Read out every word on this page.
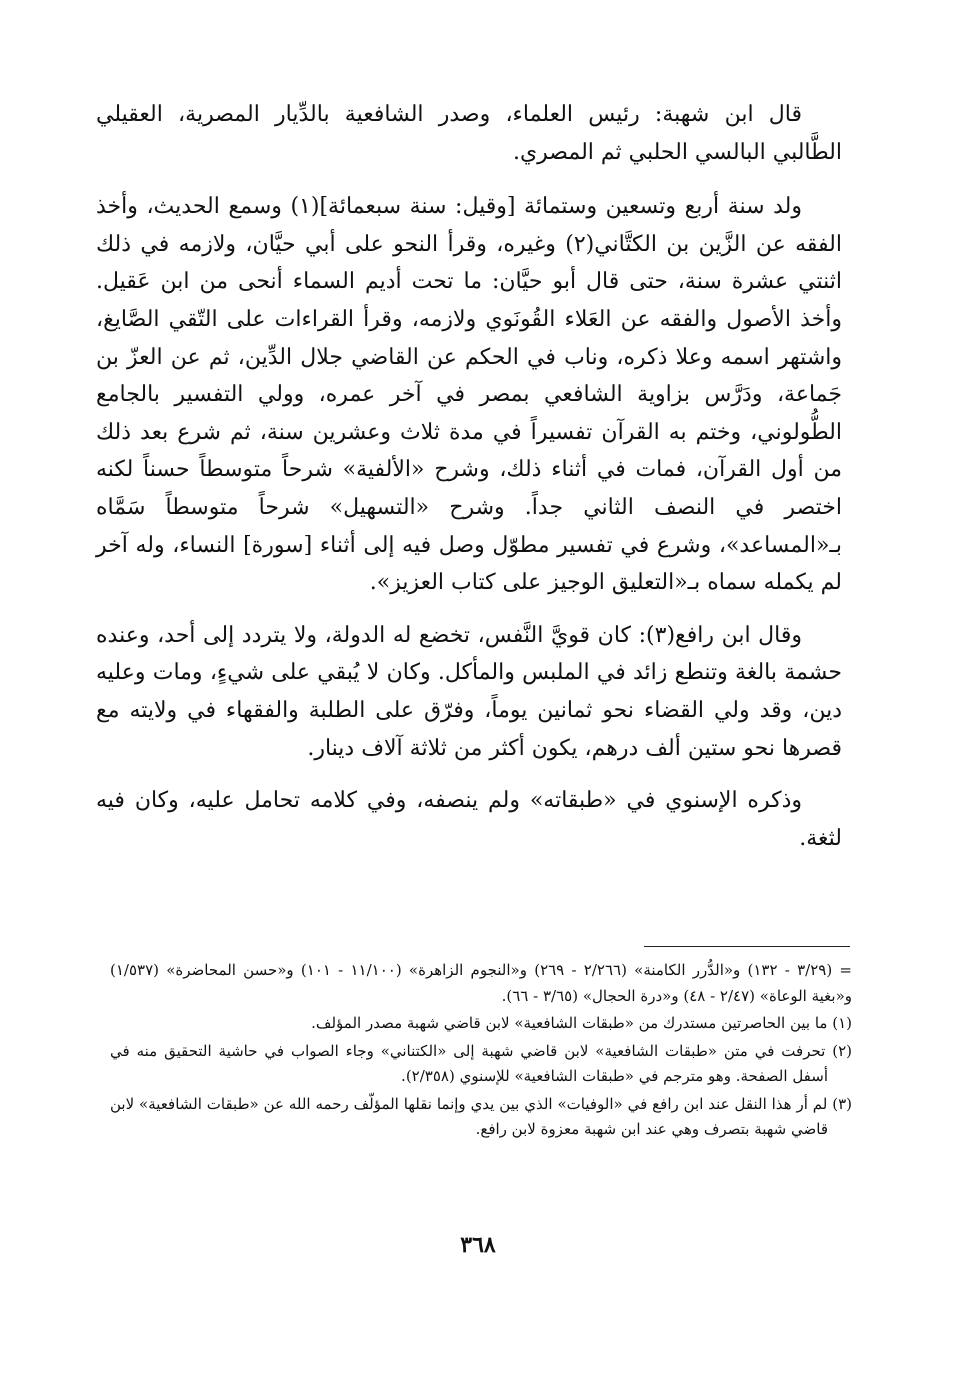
قال ابن شهبة: رئيس العلماء، وصدر الشافعية بالدِّيار المصرية، العقيلي الطَّالبي البالسي الحلبي ثم المصري.

ولد سنة أربع وتسعين وستمائة [وقيل: سنة سبعمائة](١) وسمع الحديث، وأخذ الفقه عن الزَّين بن الكتَّاني(٢) وغيره، وقرأ النحو على أبي حيَّان، ولازمه في ذلك اثنتي عشرة سنة، حتى قال أبو حيَّان: ما تحت أديم السماء أنحى من ابن عَقيل. وأخذ الأصول والفقه عن العَلاء القُونَوي ولازمه، وقرأ القراءات على التّقي الصَّايغ، واشتهر اسمه وعلا ذكره، وناب في الحكم عن القاضي جلال الدِّين، ثم عن العزّ بن جَماعة، ودَرَّس بزاوية الشافعي بمصر في آخر عمره، وولي التفسير بالجامع الطُّولوني، وختم به القرآن تفسيراً في مدة ثلاث وعشرين سنة، ثم شرع بعد ذلك من أول القرآن، فمات في أثناء ذلك، وشرح «الألفية» شرحاً متوسطاً حسناً لكنه اختصر في النصف الثاني جداً. وشرح «التسهيل» شرحاً متوسطاً سَمَّاه بـ«المساعد»، وشرع في تفسير مطوّل وصل فيه إلى أثناء [سورة] النساء، وله آخر لم يكمله سماه بـ«التعليق الوجيز على كتاب العزيز».

وقال ابن رافع(٣): كان قويَّ النَّفس، تخضع له الدولة، ولا يتردد إلى أحد، وعنده حشمة بالغة وتنطع زائد في الملبس والمأكل. وكان لا يُبقي على شيءٍ، ومات وعليه دين، وقد ولي القضاء نحو ثمانين يوماً، وفرّق على الطلبة والفقهاء في ولايته مع قصرها نحو ستين ألف درهم، يكون أكثر من ثلاثة آلاف دينار.

وذكره الإسنوي في «طبقاته» ولم ينصفه، وفي كلامه تحامل عليه، وكان فيه لثغة.

= (٣/٢٩ - ١٣٢) و«الدُّرر الكامنة» (٢/٢٦٦ - ٢٦٩) و«النجوم الزاهرة» (١١/١٠٠ - ١٠١) و«حسن المحاضرة» (١/٥٣٧) و«بغية الوعاة» (٢/٤٧ - ٤٨) و«درة الحجال» (٣/٦٥ - ٦٦).

(١) ما بين الحاصرتين مستدرك من «طبقات الشافعية» لابن قاضي شهبة مصدر المؤلف.

(٢) تحرفت في متن «طبقات الشافعية» لابن قاضي شهبة إلى «الكتناني» وجاء الصواب في حاشية التحقيق منه في أسفل الصفحة. وهو مترجم في «طبقات الشافعية» للإسنوي (٢/٣٥٨).

(٣) لم أر هذا النقل عند ابن رافع في «الوفيات» الذي بين يدي وإنما نقلها المؤلّف رحمه الله عن «طبقات الشافعية» لابن قاضي شهبة بتصرف وهي عند ابن شهبة معزوة لابن رافع.

٣٦٨
